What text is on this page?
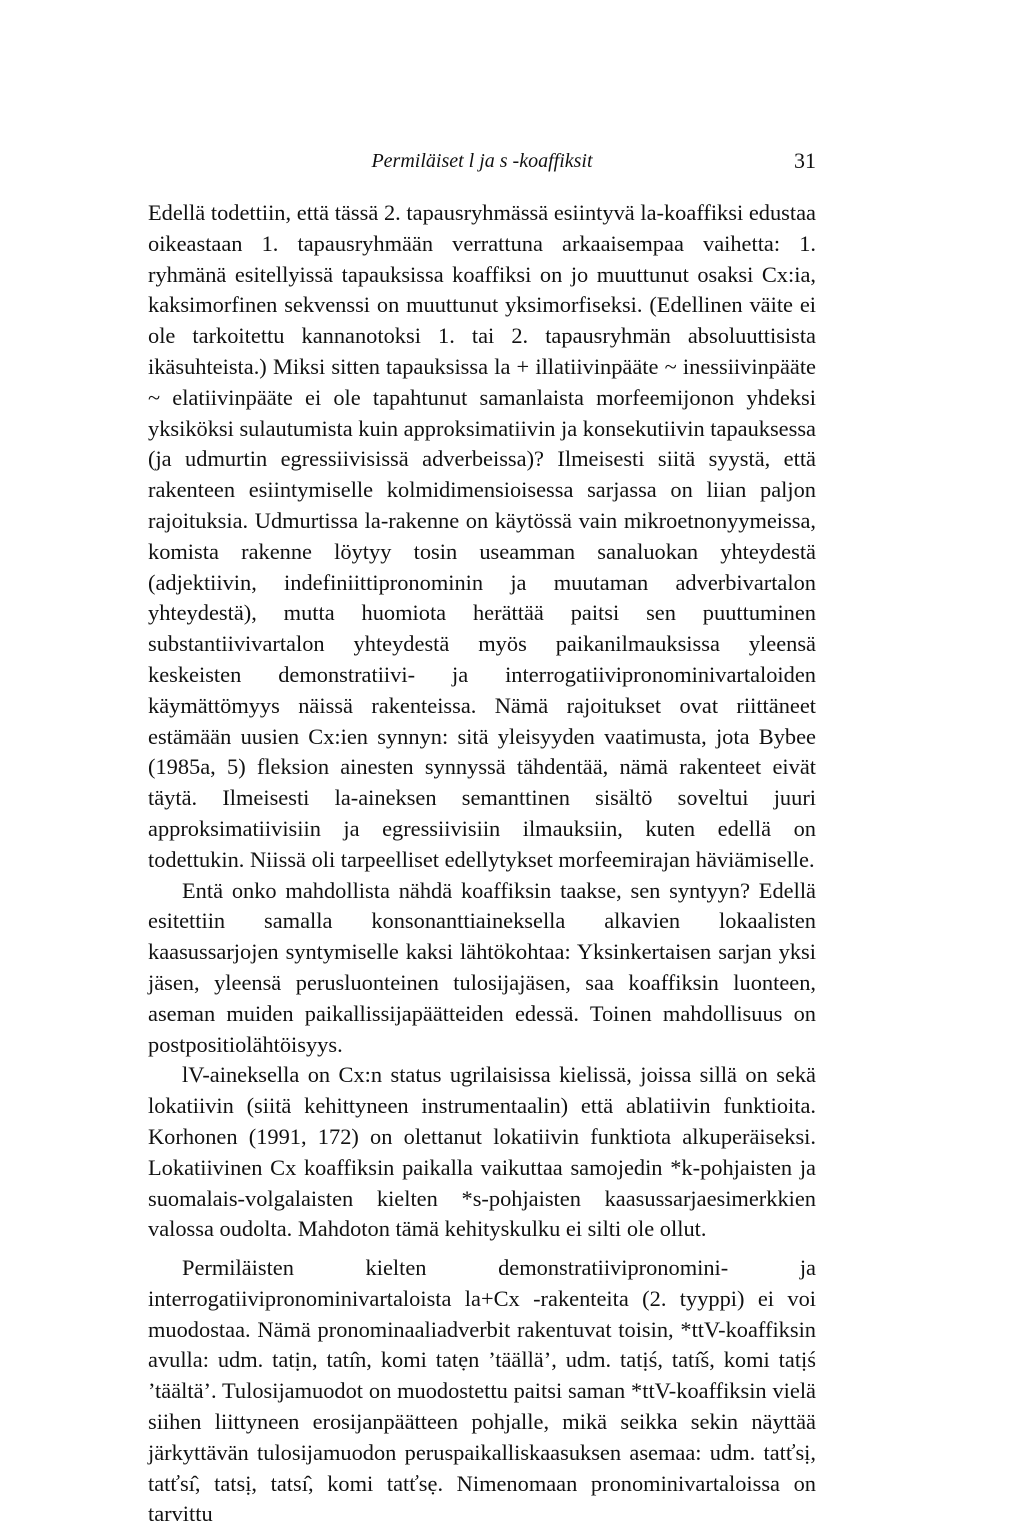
Permiläiset l ja s -koaffiksit	31

Edellä todettiin, että tässä 2. tapausryhmässä esiintyvä la-koaffiksi edustaa oikeastaan 1. tapausryhmään verrattuna arkaaisempaa vaihetta: 1. ryhmänä esitellyissä tapauksissa koaffiksi on jo muuttunut osaksi Cx:ia, kaksimorfinen sekvenssi on muuttunut yksimorfiseksi. (Edellinen väite ei ole tarkoitettu kannanotoksi 1. tai 2. tapausryhmän absoluuttisista ikäsuhteista.) Miksi sitten tapauksissa la + illatiivinpääte ~ inessiivinpääte ~ elatiivinpääte ei ole tapahtunut samanlaista morfeemijonon yhdeksi yksiköksi sulautumista kuin approksimatiivin ja konsekutiivin tapauksessa (ja udmurtin egressiivisissä adverbeissa)? Ilmeisesti siitä syystä, että rakenteen esiintymiselle kolmidimensioisessa sarjassa on liian paljon rajoituksia. Udmurtissa la-rakenne on käytössä vain mikroetnonyymeissa, komista rakenne löytyy tosin useamman sanaluokan yhteydestä (adjektiivin, indefiniittipronominin ja muutaman adverbivartalon yhteydestä), mutta huomiota herättää paitsi sen puuttuminen substantiivivartalon yhteydestä myös paikanilmauksissa yleensä keskeisten demonstratiivi- ja interrogatiivipronominivartaloiden käymättömyys näissä rakenteissa. Nämä rajoitukset ovat riittäneet estämään uusien Cx:ien synnyn: sitä yleisyyden vaatimusta, jota Bybee (1985a, 5) fleksion ainesten synnyssä tähdentää, nämä rakenteet eivät täytä. Ilmeisesti la-aineksen semanttinen sisältö soveltui juuri approksimatiivisiin ja egressiivisiin ilmauksiin, kuten edellä on todettukin. Niissä oli tarpeelliset edellytykset morfeemirajan häviämiselle.

Entä onko mahdollista nähdä koaffiksin taakse, sen syntyyn? Edellä esitettiin samalla konsonanttiaineksella alkavien lokaalisten kaasussarjojen syntymiselle kaksi lähtökohtaa: Yksinkertaisen sarjan yksi jäsen, yleensä perusluonteinen tulosijajäsen, saa koaffiksin luonteen, aseman muiden paikallissijapäätteiden edessä. Toinen mahdollisuus on postpositiolähtöisyys.

lV-aineksella on Cx:n status ugrilaisissa kielissä, joissa sillä on sekä lokatiivin (siitä kehittyneen instrumentaalin) että ablatiivin funktioita. Korhonen (1991, 172) on olettanut lokatiivin funktiota alkuperäiseksi. Lokatiivinen Cx koaffiksin paikalla vaikuttaa samojedin *k-pohjaisten ja suomalais-volgalaisten kielten *s-pohjaisten kaasussarjaesimerkkien valossa oudolta. Mahdoton tämä kehityskulku ei silti ole ollut.

Permiläisten kielten demonstratiivipronomini- ja interrogatiivipronominivartaloista la+Cx -rakenteita (2. tyyppi) ei voi muodostaa. Nämä pronominaaliadverbit rakentuvat toisin, *ttV-koaffiksin avulla: udm. tatịn, tatı̂n, komi tatẹn ’täällä’, udm. tatịś, tatı̂ś, komi tatịś ’täältä’. Tulosijamuodot on muodostettu paitsi saman *ttV-koaffiksin vielä siihen liittyneen erosijanpäätteen pohjalle, mikä seikka sekin näyttää järkyttävän tulosijamuodon peruspaikalliskaasuksen asemaa: udm. tatťsị, tatťsı̂, tatsị, tatsı̂, komi tatťsẹ. Nimenomaan pronominivartaloissa on tarvittu
